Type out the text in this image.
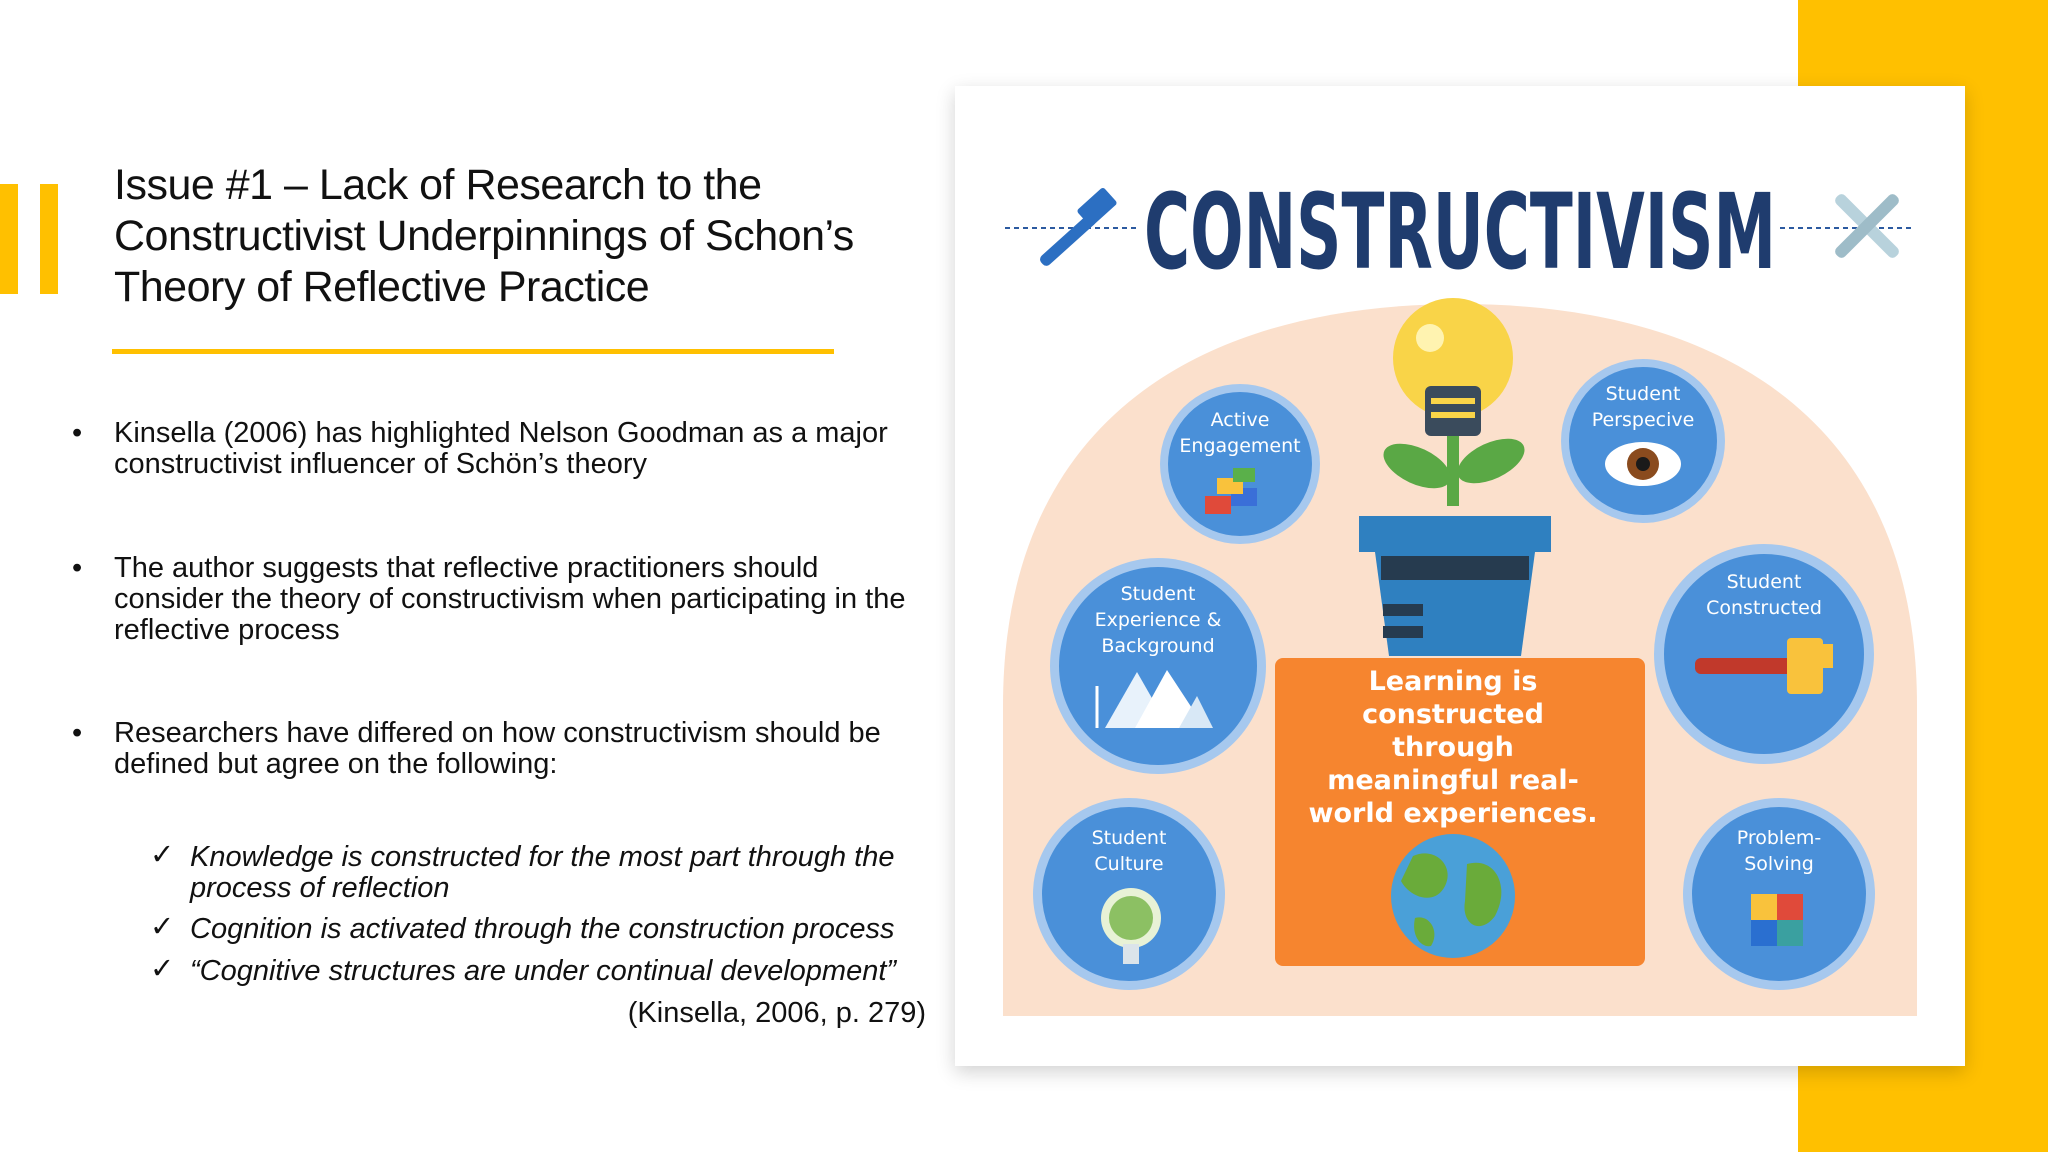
Issue #1 – Lack of Research to the Constructivist Underpinnings of Schon’s Theory of Reflective Practice
•	Kinsella (2006) has highlighted Nelson Goodman as a major constructivist influencer of Schön’s theory
•	The author suggests that reflective practitioners should consider the theory of constructivism when participating in the reflective process
•	Researchers have differed on how constructivism should be defined but agree on the following:
✓ Knowledge is constructed for the most part through the process of reflection
✓ Cognition is activated through the construction process
✓ “Cognitive structures are under continual development”
(Kinsella, 2006, p. 279)
CONSTRUCTIVISM
Learning is
constructed
through
meaningful real-
world experiences.
Active
Engagement
Student
Perspecive
Student
Experience &
Background
Student
Constructed
Student
Culture
Problem-
Solving
